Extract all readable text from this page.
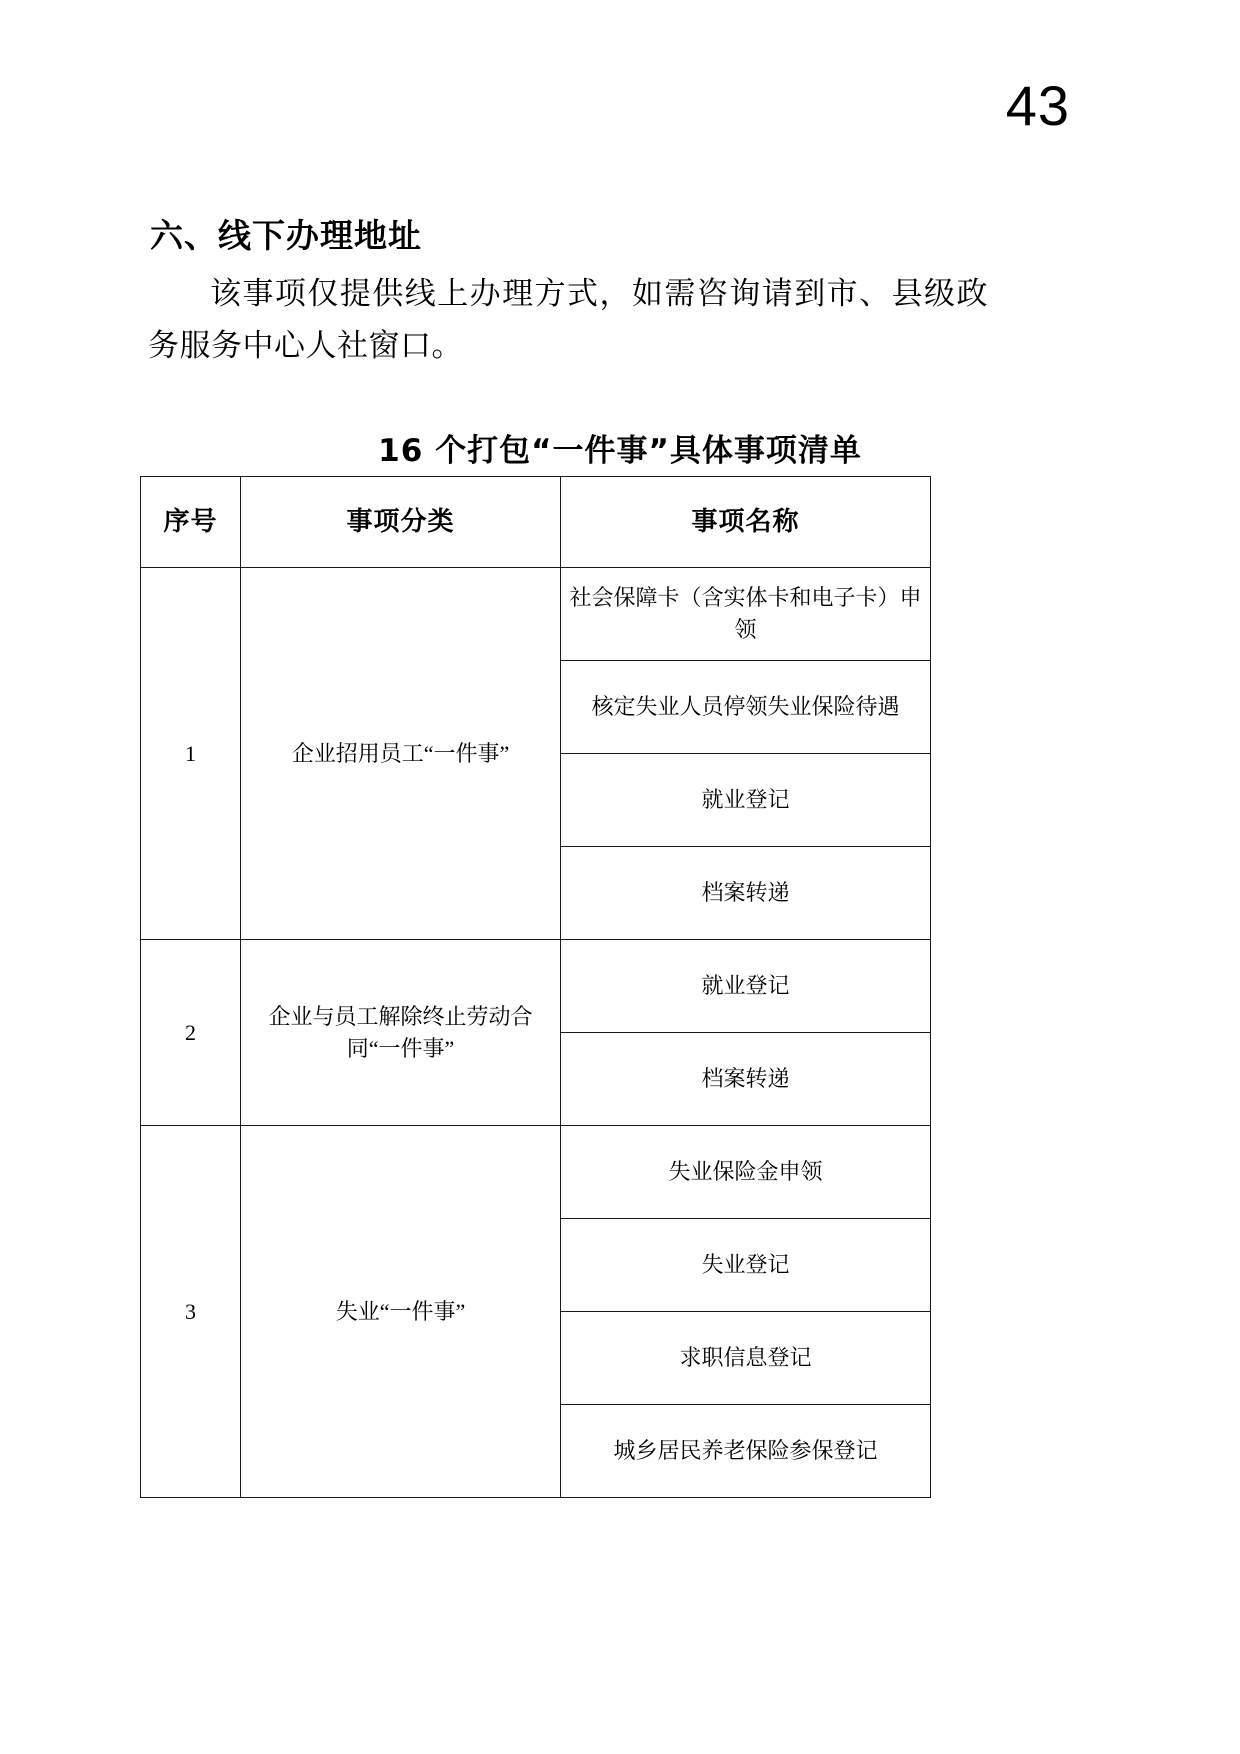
43
六、线下办理地址
该事项仅提供线上办理方式，如需咨询请到市、县级政务服务中心人社窗口。
16 个打包“一件事”具体事项清单
序号	事项分类	事项名称
1	企业招用员工“一件事”	社会保障卡（含实体卡和电子卡）申领
		核定失业人员停领失业保险待遇
		就业登记
		档案转递
2	企业与员工解除终止劳动合同“一件事”	就业登记
		档案转递
3	失业“一件事”	失业保险金申领
		失业登记
		求职信息登记
		城乡居民养老保险参保登记
